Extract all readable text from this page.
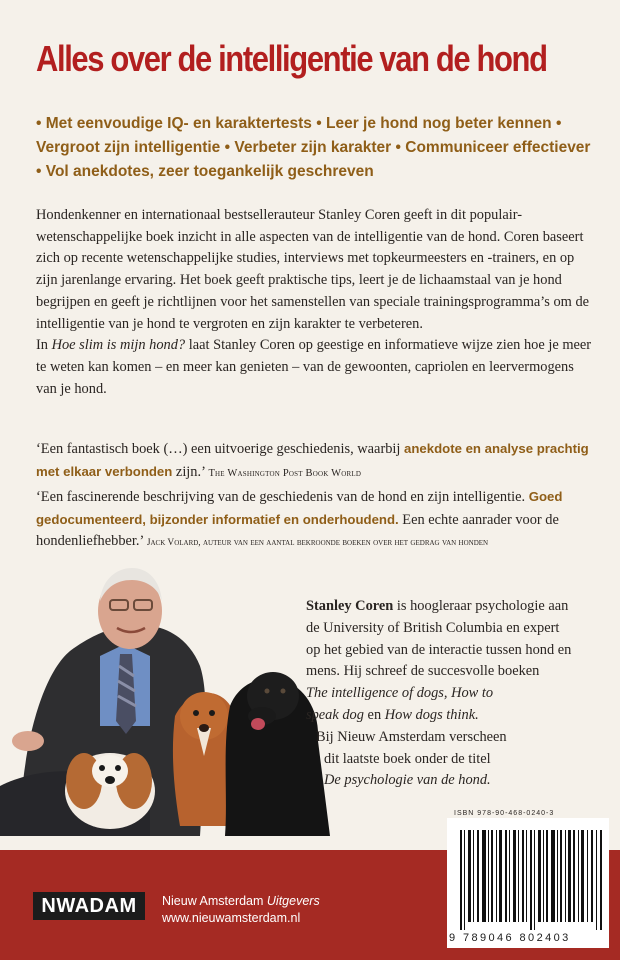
Alles over de intelligentie van de hond
• Met eenvoudige IQ- en karaktertests • Leer je hond nog beter kennen • Vergroot zijn intelligentie • Verbeter zijn karakter • Communiceer effectiever • Vol anekdotes, zeer toegankelijk geschreven

Hondenkenner en internationaal bestsellerauteur Stanley Coren geeft in dit populair-wetenschappelijke boek inzicht in alle aspecten van de intelligentie van de hond. Coren baseert zich op recente wetenschappelijke studies, interviews met topkeurmeesters en -trainers, en op zijn jarenlange ervaring. Het boek geeft praktische tips, leert je de lichaamstaal van je hond begrijpen en geeft je richtlijnen voor het samenstellen van speciale trainingsprogramma’s om de intelligentie van je hond te vergroten en zijn karakter te verbeteren.

In Hoe slim is mijn hond? laat Stanley Coren op geestige en informatieve wijze zien hoe je meer te weten kan komen – en meer kan genieten – van de gewoonten, capriolen en leervermogens van je hond.

‘Een fantastisch boek (…) een uitvoerige geschiedenis, waarbij anekdote en analyse prachtig met elkaar verbonden zijn.’ The Washington Post Book World

‘Een fascinerende beschrijving van de geschiedenis van de hond en zijn intelligentie. Goed gedocumenteerd, bijzonder informatief en onderhoudend. Een echte aanrader voor de hondenliefhebber.’ Jack Volard, auteur van een aantal bekroonde boeken over het gedrag van honden

Stanley Coren is hoogleraar psychologie aan
de University of British Columbia en expert
op het gebied van de interactie tussen hond en
mens. Hij schreef de succesvolle boeken
The intelligence of dogs, How to
speak dog en How dogs think.
Bij Nieuw Amsterdam verscheen
dit laatste boek onder de titel
De psychologie van de hond.
NWADAM	Nieuw Amsterdam Uitgevers
www.nieuwamsterdam.nl
ISBN 978-90-468-0240-3
9 789046 802403
